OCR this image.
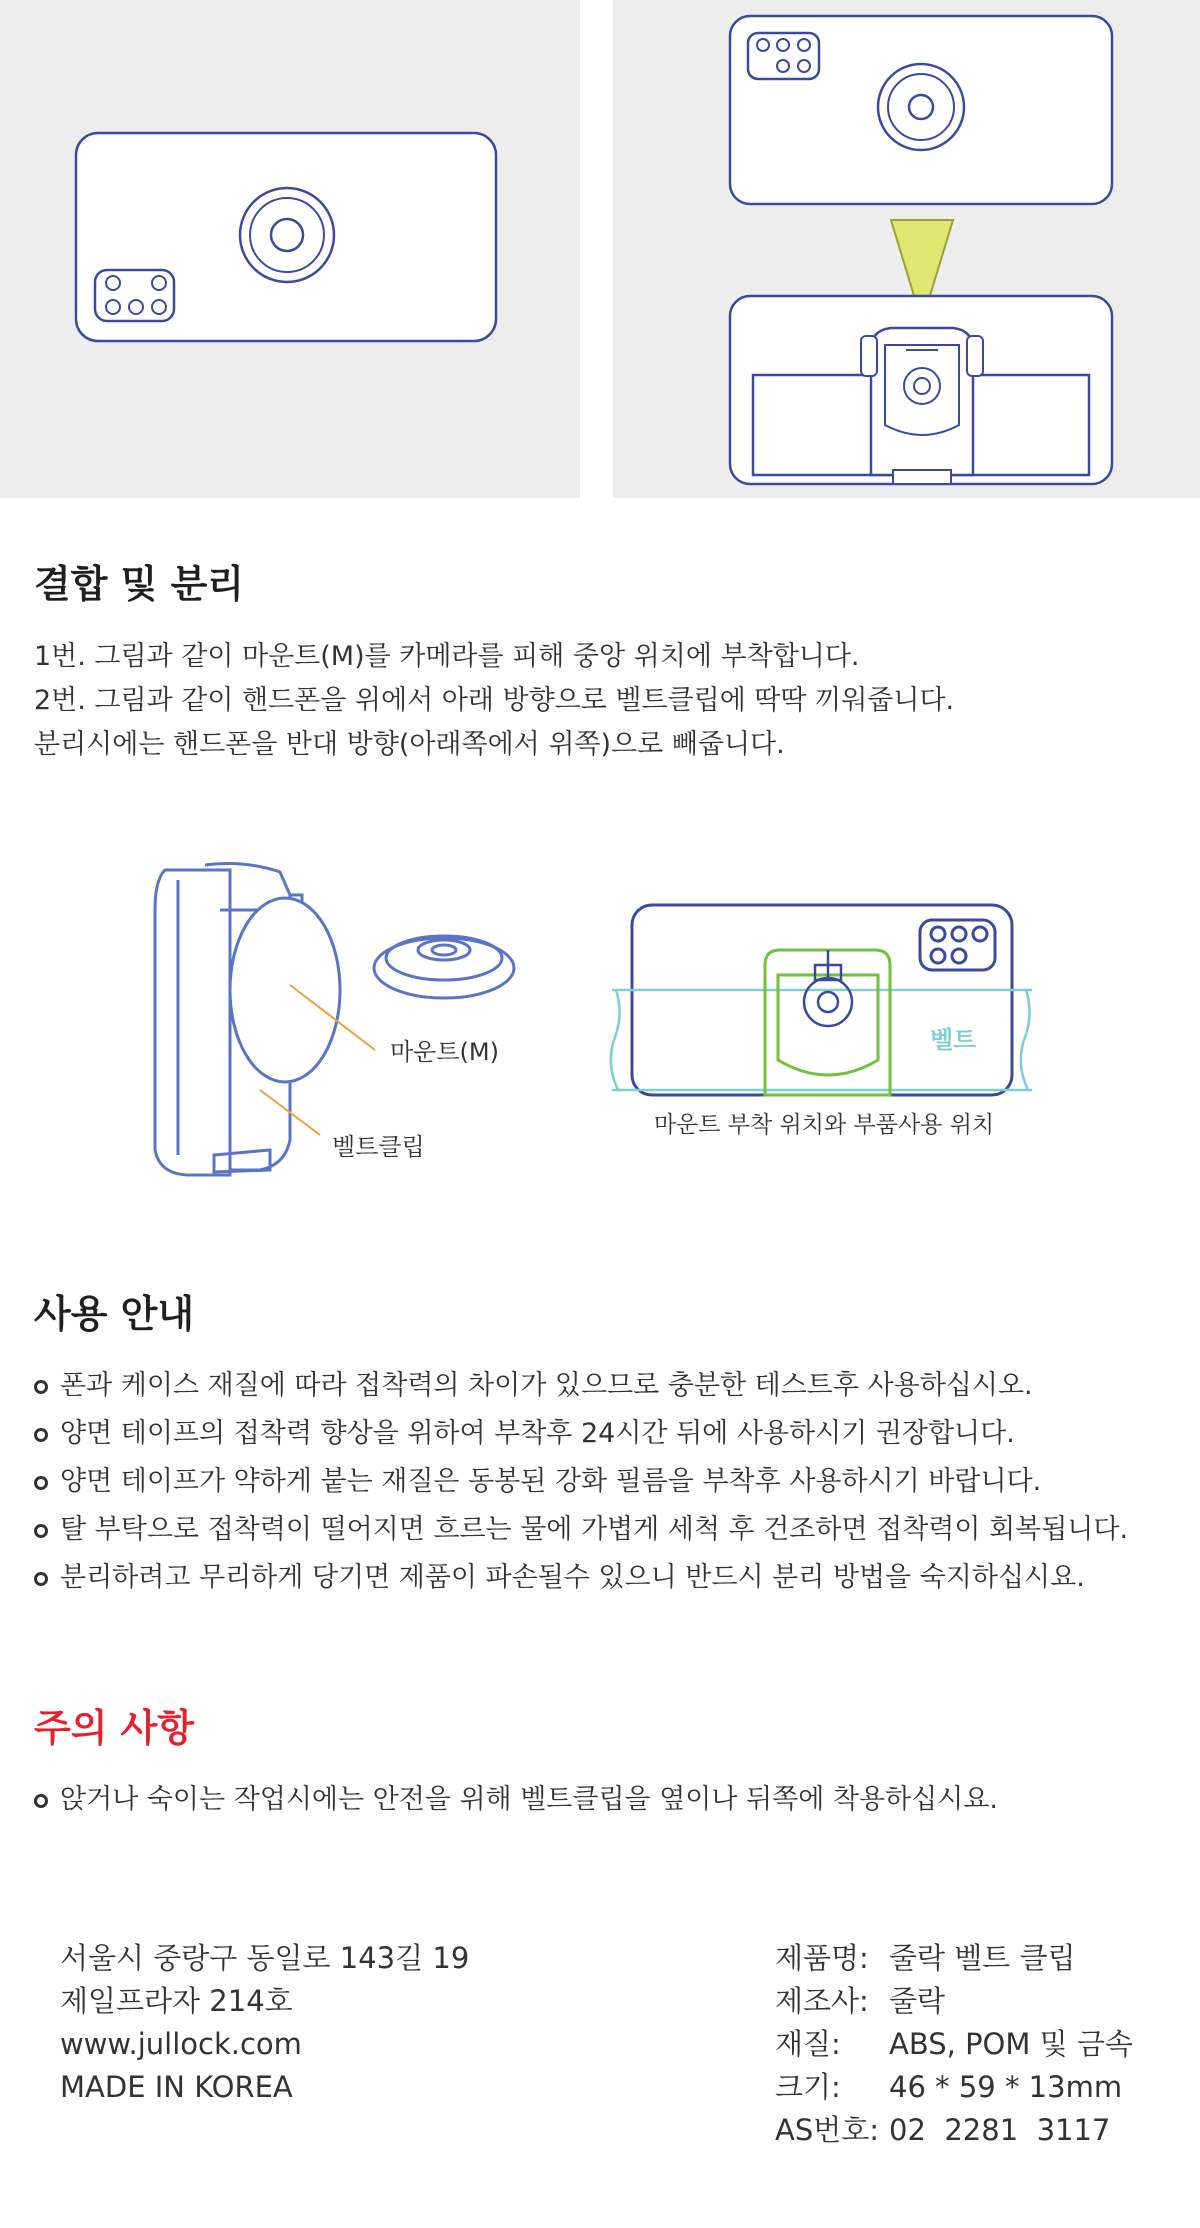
결합 및 분리
1번. 그림과 같이 마운트(M)를 카메라를 피해 중앙 위치에 부착합니다.
2번. 그림과 같이 핸드폰을 위에서 아래 방향으로 벨트클립에 딱딱 끼워줍니다.
분리시에는 핸드폰을 반대 방향(아래쪽에서 위쪽)으로 빼줍니다.
마운트(M)
벨트클립
벨트
마운트 부착 위치와 부품사용 위치
사용 안내
폰과 케이스 재질에 따라 접착력의 차이가 있으므로 충분한 테스트후 사용하십시오.
양면 테이프의 접착력 향상을 위하여 부착후 24시간 뒤에 사용하시기 권장합니다.
양면 테이프가 약하게 붙는 재질은 동봉된 강화 필름을 부착후 사용하시기 바랍니다.
탈 부탁으로 접착력이 떨어지면 흐르는 물에 가볍게 세척 후 건조하면 접착력이 회복됩니다.
분리하려고 무리하게 당기면 제품이 파손될수 있으니 반드시 분리 방법을 숙지하십시요.
주의 사항
앉거나 숙이는 작업시에는 안전을 위해 벨트클립을 옆이나 뒤쪽에 착용하십시요.
서울시 중랑구 동일로 143길 19
제일프라자 214호
www.jullock.com
MADE IN KOREA
제품명: 줄락 벨트 클립
제조사: 줄락
재질:	ABS, POM 및 금속
크기:	46 * 59 * 13mm
AS번호: 02  2281  3117
